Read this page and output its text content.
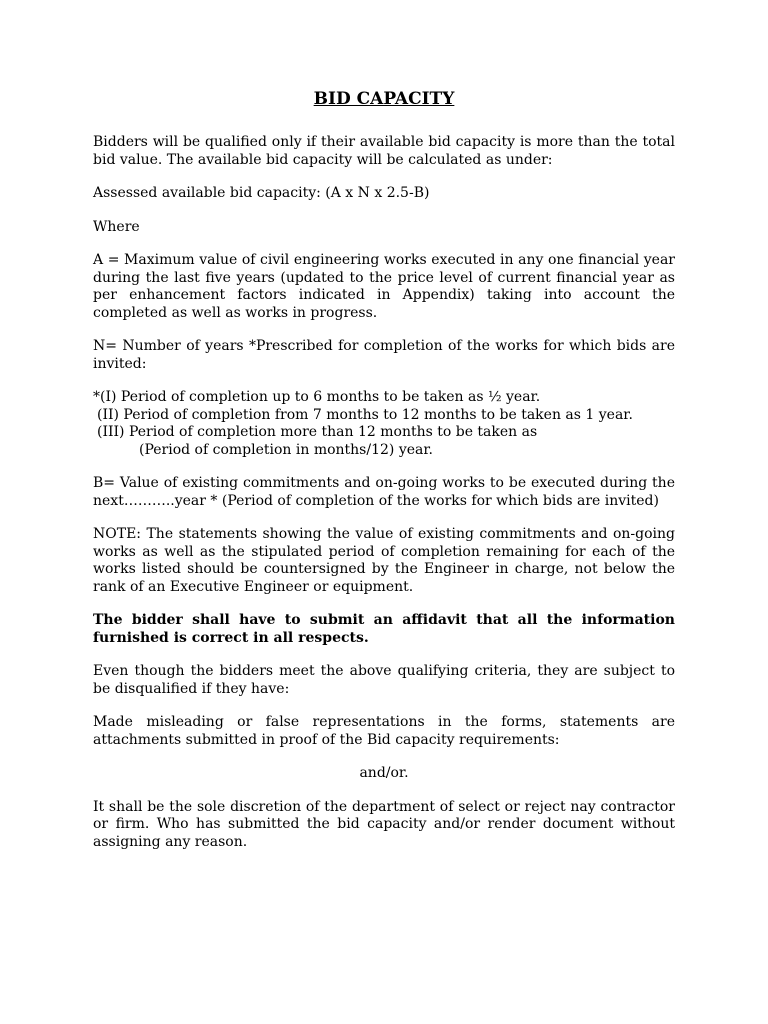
BID CAPACITY

Bidders will be qualified only if their available bid capacity is more than the total bid value. The available bid capacity will be calculated as under:

Assessed available bid capacity: (A x N x 2.5-B)

Where

A = Maximum value of civil engineering works executed in any one financial year during the last five years (updated to the price level of current financial year as per enhancement factors indicated in Appendix) taking into account the completed as well as works in progress.

N= Number of years *Prescribed for completion of the works for which bids are invited:

*(I) Period of completion up to 6 months to be taken as ½ year.
(II) Period of completion from 7 months to 12 months to be taken as 1 year.
(III) Period of completion more than 12 months to be taken as
(Period of completion in months/12) year.

B= Value of existing commitments and on-going works to be executed during the next………..year * (Period of completion of the works for which bids are invited)

NOTE: The statements showing the value of existing commitments and on-going works as well as the stipulated period of completion remaining for each of the works listed should be countersigned by the Engineer in charge, not below the rank of an Executive Engineer or equipment.

The bidder shall have to submit an affidavit that all the information furnished is correct in all respects.

Even though the bidders meet the above qualifying criteria, they are subject to be disqualified if they have:

Made misleading or false representations in the forms, statements are attachments submitted in proof of the Bid capacity requirements:

and/or.

It shall be the sole discretion of the department of select or reject nay contractor or firm. Who has submitted the bid capacity and/or render document without assigning any reason.
